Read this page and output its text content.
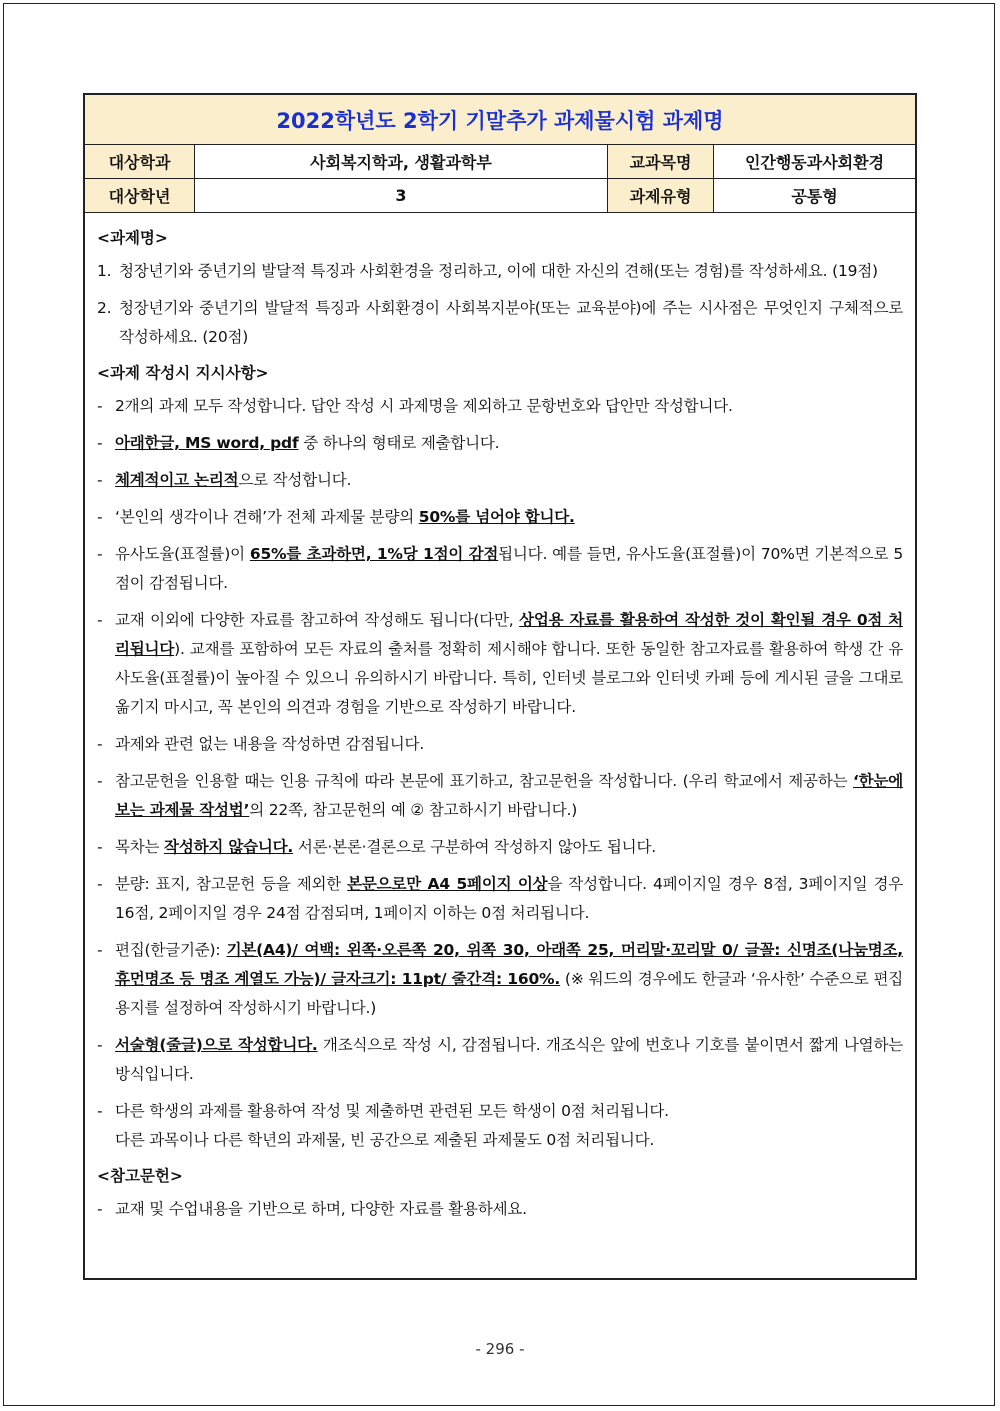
2022학년도 2학기 기말추가 과제물시험 과제명
대상학과	사회복지학과, 생활과학부	교과목명	인간행동과사회환경
대상학년	3	과제유형	공통형
<과제명>
1. 청장년기와 중년기의 발달적 특징과 사회환경을 정리하고, 이에 대한 자신의 견해(또는 경험)를 작성하세요. (19점)
2. 청장년기와 중년기의 발달적 특징과 사회환경이 사회복지분야(또는 교육분야)에 주는 시사점은 무엇인지 구체적으로 작성하세요. (20점)
<과제 작성시 지시사항>
- 2개의 과제 모두 작성합니다. 답안 작성 시 과제명을 제외하고 문항번호와 답안만 작성합니다.
- 아래한글, MS word, pdf 중 하나의 형태로 제출합니다.
- 체계적이고 논리적으로 작성합니다.
- ‘본인의 생각이나 견해’가 전체 과제물 분량의 50%를 넘어야 합니다.
- 유사도율(표절률)이 65%를 초과하면, 1%당 1점이 감점됩니다. 예를 들면, 유사도율(표절률)이 70%면 기본적으로 5점이 감점됩니다.
- 교재 이외에 다양한 자료를 참고하여 작성해도 됩니다(다만, 상업용 자료를 활용하여 작성한 것이 확인될 경우 0점 처리됩니다). 교재를 포함하여 모든 자료의 출처를 정확히 제시해야 합니다. 또한 동일한 참고자료를 활용하여 학생 간 유사도율(표절률)이 높아질 수 있으니 유의하시기 바랍니다. 특히, 인터넷 블로그와 인터넷 카페 등에 게시된 글을 그대로 옮기지 마시고, 꼭 본인의 의견과 경험을 기반으로 작성하기 바랍니다.
- 과제와 관련 없는 내용을 작성하면 감점됩니다.
- 참고문헌을 인용할 때는 인용 규칙에 따라 본문에 표기하고, 참고문헌을 작성합니다. (우리 학교에서 제공하는 ‘한눈에 보는 과제물 작성법’의 22쪽, 참고문헌의 예 ② 참고하시기 바랍니다.)
- 목차는 작성하지 않습니다. 서론·본론·결론으로 구분하여 작성하지 않아도 됩니다.
- 분량: 표지, 참고문헌 등을 제외한 본문으로만 A4 5페이지 이상을 작성합니다. 4페이지일 경우 8점, 3페이지일 경우 16점, 2페이지일 경우 24점 감점되며, 1페이지 이하는 0점 처리됩니다.
- 편집(한글기준): 기본(A4)/ 여백: 왼쪽·오른쪽 20, 위쪽 30, 아래쪽 25, 머리말·꼬리말 0/ 글꼴: 신명조(나눔명조, 휴먼명조 등 명조 계열도 가능)/ 글자크기: 11pt/ 줄간격: 160%. (※ 워드의 경우에도 한글과 ‘유사한’ 수준으로 편집용지를 설정하여 작성하시기 바랍니다.)
- 서술형(줄글)으로 작성합니다. 개조식으로 작성 시, 감점됩니다. 개조식은 앞에 번호나 기호를 붙이면서 짧게 나열하는 방식입니다.
- 다른 학생의 과제를 활용하여 작성 및 제출하면 관련된 모든 학생이 0점 처리됩니다.
다른 과목이나 다른 학년의 과제물, 빈 공간으로 제출된 과제물도 0점 처리됩니다.
<참고문헌>
- 교재 및 수업내용을 기반으로 하며, 다양한 자료를 활용하세요.
- 296 -
